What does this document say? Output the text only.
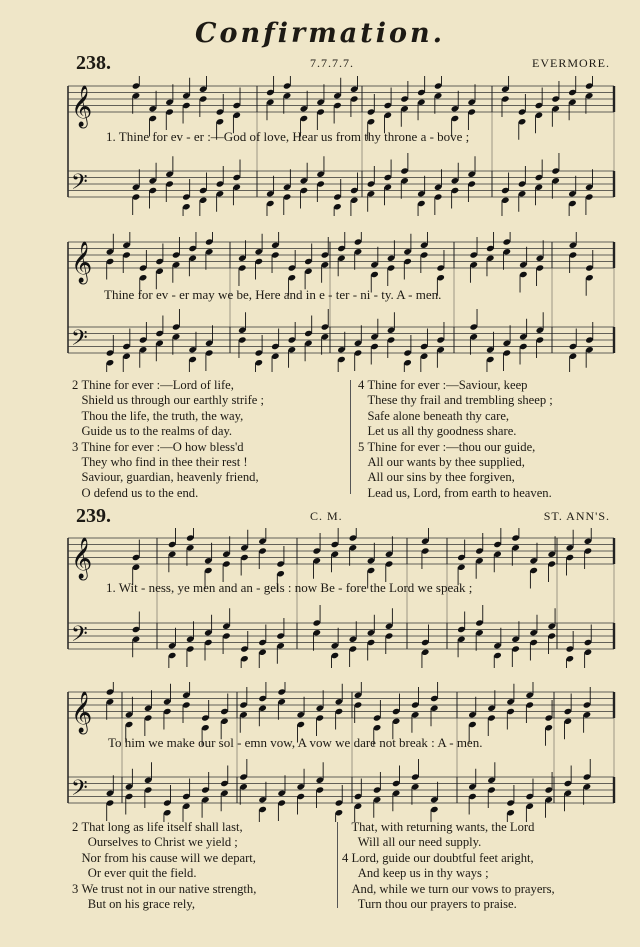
Confirmation.
238.	7.7.7.7.	EVERMORE.
𝄞
𝄢
1. Thine for ev - er :—God of love, Hear us from thy throne a - bove ;
𝄞
𝄢
Thine for ev - er may we be, Here and in e - ter - ni - ty. A - men.
2 Thine for ever :—Lord of life,
Shield us through our earthly strife ;
Thou the life, the truth, the way,
Guide us to the realms of day.
3 Thine for ever :—O how bless'd
They who find in thee their rest !
Saviour, guardian, heavenly friend,
O defend us to the end.
4 Thine for ever :—Saviour, keep
These thy frail and trembling sheep ;
Safe alone beneath thy care,
Let us all thy goodness share.
5 Thine for ever :—thou our guide,
All our wants by thee supplied,
All our sins by thee forgiven,
Lead us, Lord, from earth to heaven.
239.	C. M.	ST. ANN'S.
𝄞
𝄢
1. Wit - ness, ye men and an - gels : now Be - fore the Lord we speak ;
𝄞
𝄢
To him we make our sol - emn vow, A vow we dare not break : A - men.
2 That long as life itself shall last,
Ourselves to Christ we yield ;
Nor from his cause will we depart,
Or ever quit the field.
3 We trust not in our native strength,
But on his grace rely,
That, with returning wants, the Lord
Will all our need supply.
4 Lord, guide our doubtful feet aright,
And keep us in thy ways ;
And, while we turn our vows to prayers,
Turn thou our prayers to praise.
